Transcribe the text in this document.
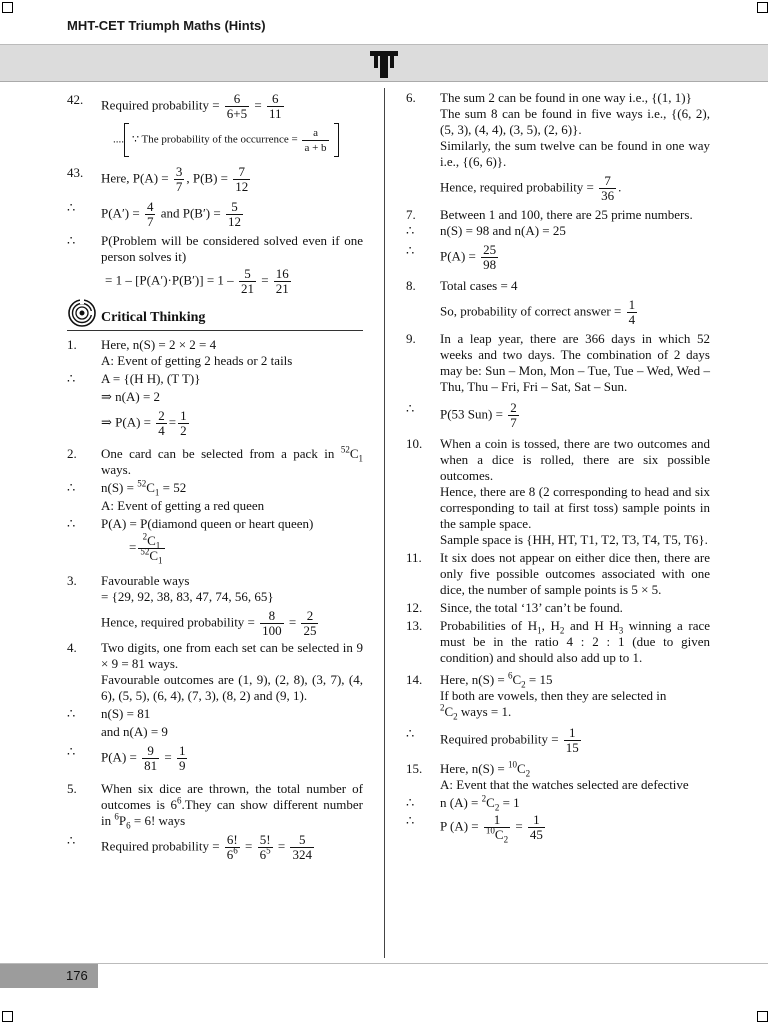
MHT-CET Triumph Maths (Hints)
42.	Required probability = $\frac{6}{6+5} = \frac{6}{11}$
.... ∵ The probability of the occurrence = $\frac{a}{a + b}$
43.	Here, $P(A) = \frac{3}{7}$ , $P(B) = \frac{7}{12}$
∴	$P(A') = \frac{4}{7}$ and $P(B') = \frac{5}{12}$
∴	P(Problem will be considered solved even if one person solves it)
= $1 - [P(A')\cdot P(B')] = 1 - \frac{5}{21} = \frac{16}{21}$
Critical Thinking
1.	Here, n(S) = 2 × 2 = 4
A: Event of getting 2 heads or 2 tails
∴	A = {(H H), (T T)}
⇒ n(A) = 2
⇒ $P(A) = \frac{2}{4} = \frac{1}{2}$
2.	One card can be selected from a pack in $^{52}C_1$ ways.
∴	$n(S) = ^{52}C_1 = 52$
A: Event of getting a red queen
∴	P(A) = P(diamond queen or heart queen)
= $\frac{^2C_1}{^{52}C_1}$
3.	Favourable ways
= {29, 92, 38, 83, 47, 74, 56, 65}
Hence, required probability = $\frac{8}{100} = \frac{2}{25}$
4.	Two digits, one from each set can be selected in 9 × 9 = 81 ways.
Favourable outcomes are (1, 9), (2, 8), (3, 7), (4, 6), (5, 5), (6, 4), (7, 3), (8, 2) and (9, 1).
∴	n(S) = 81
and n(A) = 9
∴	$P(A) = \frac{9}{81} = \frac{1}{9}$
5.	When six dice are thrown, the total number of outcomes is $6^6.They$ can show different number in $^6P_6 = 6$! ways
∴	Required probability = $\frac{6!}{6^6} = \frac{5!}{6^5} = \frac{5}{324}$
6.	The sum 2 can be found in one way i.e., {(1, 1)}
The sum 8 can be found in five ways i.e., {(6, 2), (5, 3), (4, 4), (3, 5), (2, 6)}.
Similarly, the sum twelve can be found in one way i.e., {(6, 6)}.
Hence, required probability = $\frac{7}{36}$ .
7.	Between 1 and 100, there are 25 prime numbers.
∴	n(S) = 98 and n(A) = 25
∴	$P(A) = \frac{25}{98}$
8.	Total cases = 4
So, probability of correct answer = $\frac{1}{4}$
9.	In a leap year, there are 366 days in which 52 weeks and two days. The combination of 2 days may be: Sun – Mon, Mon – Tue, Tue – Wed, Wed – Thu, Thu – Fri, Fri – Sat, Sat – Sun.
∴	P(53 $Sun) = \frac{2}{7}$
10.	When a coin is tossed, there are two outcomes and when a dice is rolled, there are six possible outcomes.
Hence, there are 8 (2 corresponding to head and six corresponding to tail at first toss) sample points in the sample space.
Sample space is {HH, HT, T1, T2, T3, T4, T5, T6}.
11.	It six does not appear on either dice then, there are only five possible outcomes associated with one dice, the number of sample points is 5 × 5.
12.	Since, the total ‘13’ can’t be found.
13.	Probabilities of $H_1$, $H_2$ and H $H_3$ winning a race must be in the ratio 4 : 2 : 1 (due to given condition) and should also add up to 1.
14.	Here, $n(S) = ^6C_2 = 15$
If both are vowels, then they are selected in
$^2C_2$ ways = 1.
∴	Required probability = $\frac{1}{15}$
15.	Here, $n(S) = ^{10}C_2$
A: Event that the watches selected are defective
∴	n $(A) = ^2C_2 = 1$
∴	P $(A) = \frac{1}{^{10}C_2} = \frac{1}{45}$
176
